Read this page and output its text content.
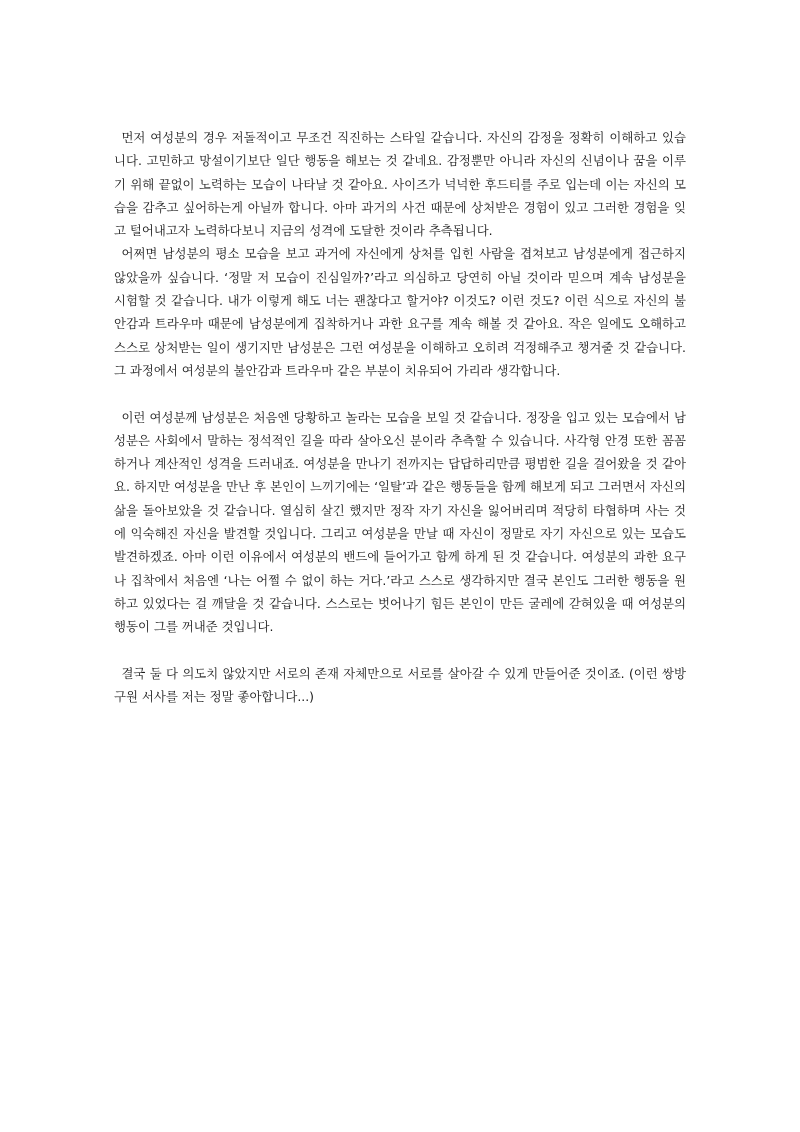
먼저 여성분의 경우 저돌적이고 무조건 직진하는 스타일 같습니다. 자신의 감정을 정확히 이해하고 있습니다. 고민하고 망설이기보단 일단 행동을 해보는 것 같네요. 감정뿐만 아니라 자신의 신념이나 꿈을 이루기 위해 끝없이 노력하는 모습이 나타날 것 같아요. 사이즈가 넉넉한 후드티를 주로 입는데 이는 자신의 모습을 감추고 싶어하는게 아닐까 합니다. 아마 과거의 사건 때문에 상처받은 경험이 있고 그러한 경험을 잊고 털어내고자 노력하다보니 지금의 성격에 도달한 것이라 추측됩니다.

어쩌면 남성분의 평소 모습을 보고 과거에 자신에게 상처를 입힌 사람을 겹쳐보고 남성분에게 접근하지 않았을까 싶습니다. ‘정말 저 모습이 진심일까?’라고 의심하고 당연히 아닐 것이라 믿으며 계속 남성분을 시험할 것 같습니다. 내가 이렇게 해도 너는 괜찮다고 할거야? 이것도? 이런 것도? 이런 식으로 자신의 불안감과 트라우마 때문에 남성분에게 집착하거나 과한 요구를 계속 해볼 것 같아요. 작은 일에도 오해하고 스스로 상처받는 일이 생기지만 남성분은 그런 여성분을 이해하고 오히려 걱정해주고 챙겨줄 것 같습니다. 그 과정에서 여성분의 불안감과 트라우마 같은 부분이 치유되어 가리라 생각합니다.

이런 여성분께 남성분은 처음엔 당황하고 놀라는 모습을 보일 것 같습니다. 정장을 입고 있는 모습에서 남성분은 사회에서 말하는 정석적인 길을 따라 살아오신 분이라 추측할 수 있습니다. 사각형 안경 또한 꼼꼼하거나 계산적인 성격을 드러내죠. 여성분을 만나기 전까지는 답답하리만큼 평범한 길을 걸어왔을 것 같아요. 하지만 여성분을 만난 후 본인이 느끼기에는 ‘일탈’과 같은 행동들을 함께 해보게 되고 그러면서 자신의 삶을 돌아보았을 것 같습니다. 열심히 살긴 했지만 정작 자기 자신을 잃어버리며 적당히 타협하며 사는 것에 익숙해진 자신을 발견할 것입니다. 그리고 여성분을 만날 때 자신이 정말로 자기 자신으로 있는 모습도 발견하겠죠. 아마 이런 이유에서 여성분의 밴드에 들어가고 함께 하게 된 것 같습니다. 여성분의 과한 요구나 집착에서 처음엔 ‘나는 어쩔 수 없이 하는 거다.’라고 스스로 생각하지만 결국 본인도 그러한 행동을 원하고 있었다는 걸 깨달을 것 같습니다. 스스로는 벗어나기 힘든 본인이 만든 굴레에 갇혀있을 때 여성분의 행동이 그를 꺼내준 것입니다.

결국 둘 다 의도치 않았지만 서로의 존재 자체만으로 서로를 살아갈 수 있게 만들어준 것이죠. (이런 쌍방구원 서사를 저는 정말 좋아합니다...)
